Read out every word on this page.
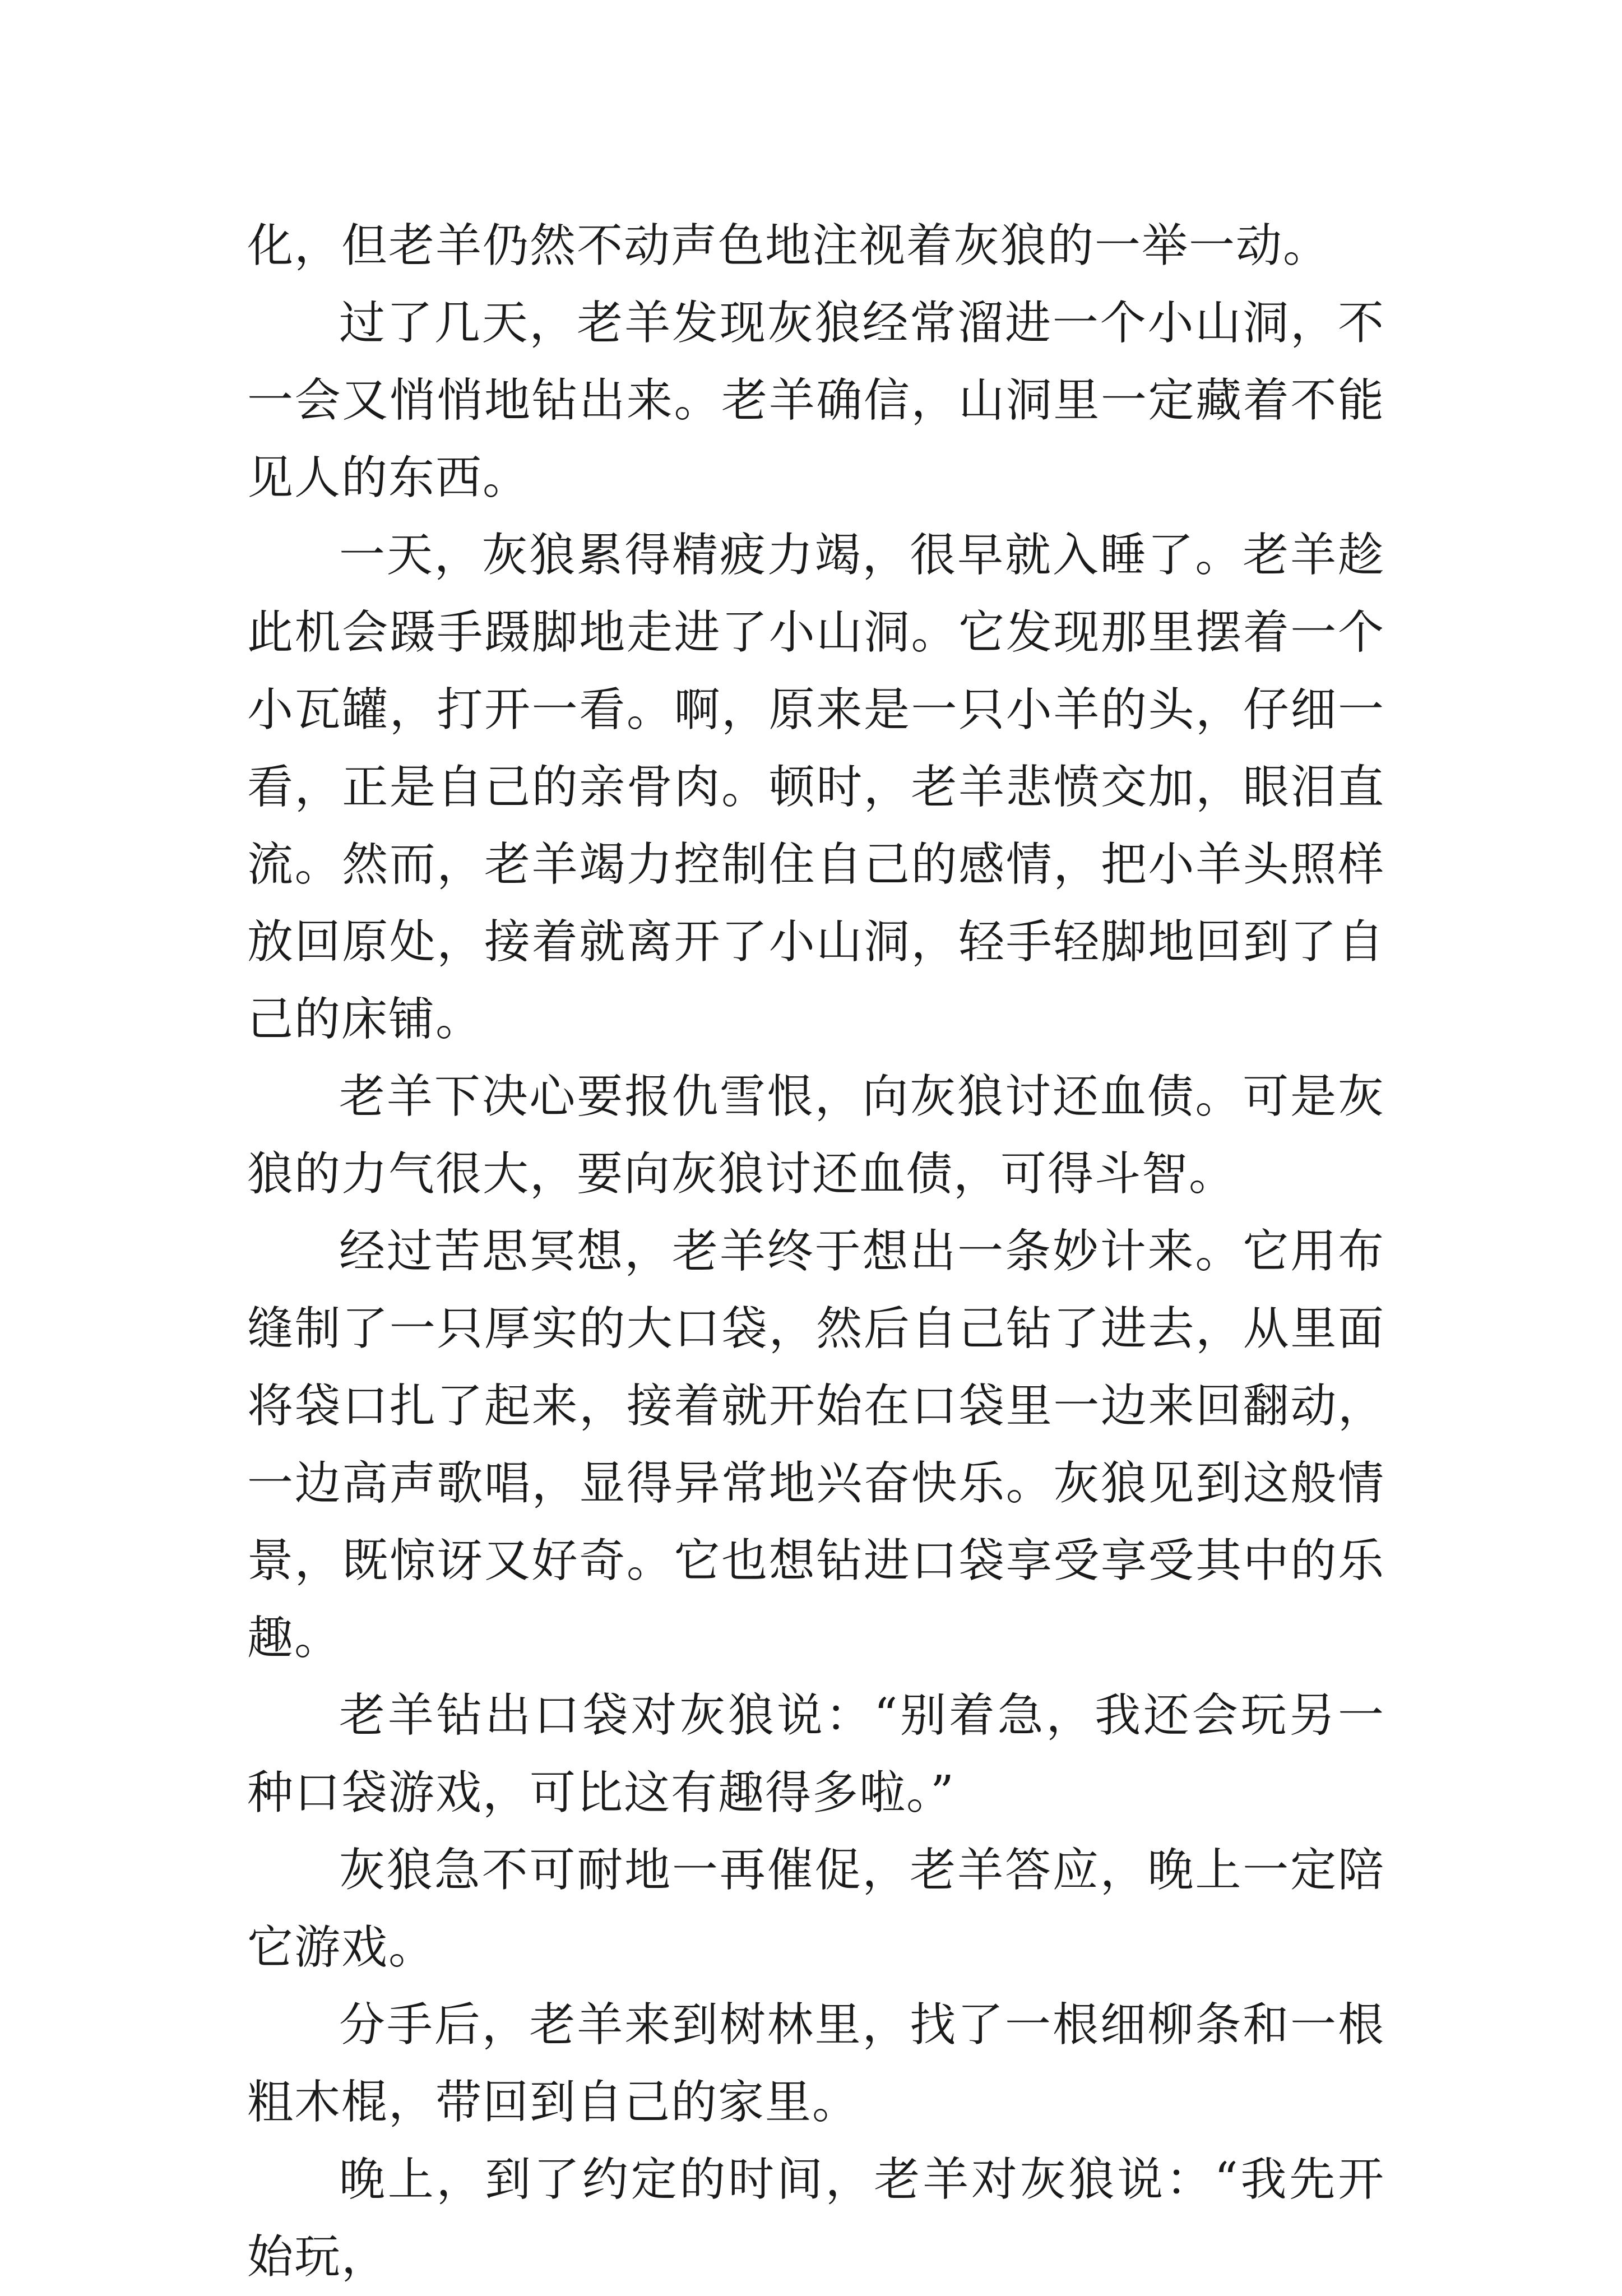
化，但老羊仍然不动声色地注视着灰狼的一举一动。

过了几天，老羊发现灰狼经常溜进一个小山洞，不一会又悄悄地钻出来。老羊确信，山洞里一定藏着不能见人的东西。

一天，灰狼累得精疲力竭，很早就入睡了。老羊趁此机会蹑手蹑脚地走进了小山洞。它发现那里摆着一个小瓦罐，打开一看。啊，原来是一只小羊的头，仔细一看，正是自己的亲骨肉。顿时，老羊悲愤交加，眼泪直流。然而，老羊竭力控制住自己的感情，把小羊头照样放回原处，接着就离开了小山洞，轻手轻脚地回到了自己的床铺。

老羊下决心要报仇雪恨，向灰狼讨还血债。可是灰狼的力气很大，要向灰狼讨还血债，可得斗智。

经过苦思冥想，老羊终于想出一条妙计来。它用布缝制了一只厚实的大口袋，然后自己钻了进去，从里面将袋口扎了起来，接着就开始在口袋里一边来回翻动，一边高声歌唱，显得异常地兴奋快乐。灰狼见到这般情景，既惊讶又好奇。它也想钻进口袋享受享受其中的乐趣。

老羊钻出口袋对灰狼说：“别着急，我还会玩另一种口袋游戏，可比这有趣得多啦。”

灰狼急不可耐地一再催促，老羊答应，晚上一定陪它游戏。

分手后，老羊来到树林里，找了一根细柳条和一根粗木棍，带回到自己的家里。

晚上，到了约定的时间，老羊对灰狼说：“我先开始玩，
